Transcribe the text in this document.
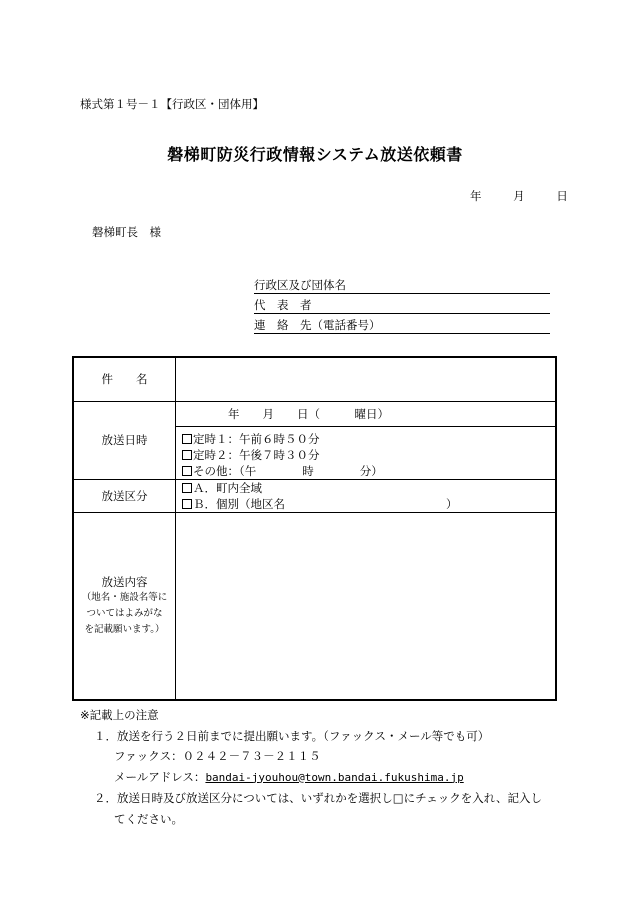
様式第１号－１【行政区・団体用】
磐梯町防災行政情報システム放送依頼書
年	月	日
磐梯町長　様
行政区及び団体名
代　表　者
連　絡　先（電話番号）
件　　名	
放送日時	年　　月　　日（　　　曜日）
定時１：午前６時５０分
定時２：午後７時３０分
その他：（午　　　　時　　　　分）

放送区分	Ａ．町内全域
Ｂ．個別（地区名　　　　　　　　　　　　　　）

放送内容
（地名・施設名等に
ついてはよみがな
を記載願います。）	

※記載上の注意
１．放送を行う２日前までに提出願います。（ファックス・メール等でも可）
ファックス：０２４２－７３－２１１５
メールアドレス：bandai-jyouhou@town.bandai.fukushima.jp
２．放送日時及び放送区分については、いずれかを選択し□にチェックを入れ、記入し
てください。
